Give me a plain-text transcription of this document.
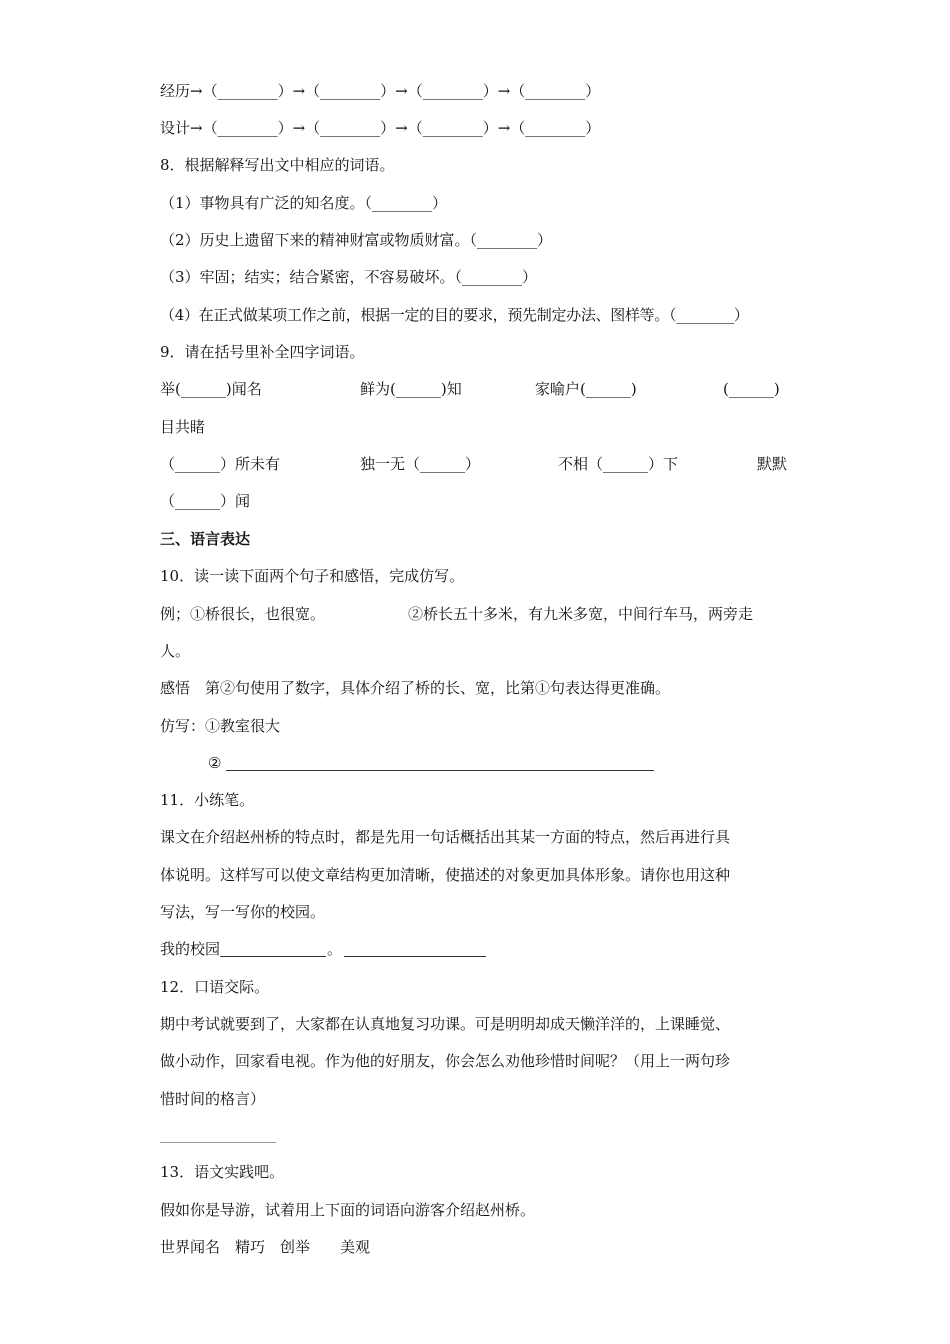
经历→（________）→（________）→（________）→（________）
设计→（________）→（________）→（________）→（________）
8．根据解释写出文中相应的词语。
（1）事物具有广泛的知名度。（________）
（2）历史上遗留下来的精神财富或物质财富。（________）
（3）牢固；结实；结合紧密，不容易破坏。（________）
（4）在正式做某项工作之前，根据一定的目的要求，预先制定办法、图样等。（________）
9．请在括号里补全四字词语。
举(______)闻名	鲜为(______)知	家喻户(______)	(______)
目共睹
（______）所未有	独一无（______）	不相（______）下	默默
（______）闻
三、语言表达
10．读一读下面两个句子和感悟，完成仿写。
例；①桥很长，也很宽。	②桥长五十多米，有九米多宽，中间行车马，两旁走
人。
感悟　第②句使用了数字，具体介绍了桥的长、宽，比第①句表达得更准确。
仿写：①教室很大
②
11．小练笔。
课文在介绍赵州桥的特点时，都是先用一句话概括出其某一方面的特点，然后再进行具
体说明。这样写可以使文章结构更加清晰，使描述的对象更加具体形象。请你也用这种
写法，写一写你的校园。
我的校园	。
12．口语交际。
期中考试就要到了，大家都在认真地复习功课。可是明明却成天懒洋洋的，上课睡觉、
做小动作，回家看电视。作为他的好朋友，你会怎么劝他珍惜时间呢？（用上一两句珍
惜时间的格言）
13．语文实践吧。
假如你是导游，试着用上下面的词语向游客介绍赵州桥。
世界闻名　精巧　创举　　美观
